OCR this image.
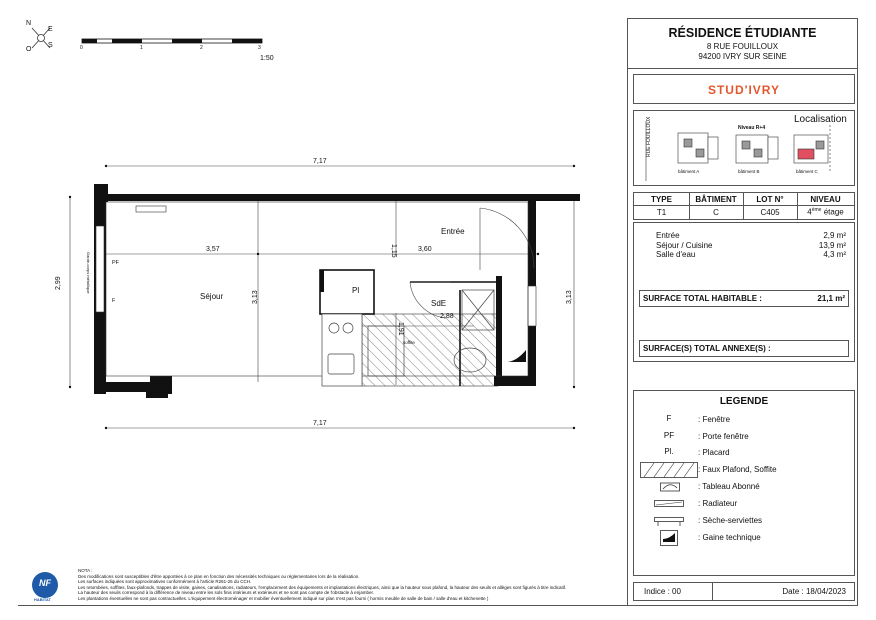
RÉSIDENCE ÉTUDIANTE
8 RUE FOUILLOUX
94200 IVRY SUR SEINE
STUD'IVRY
Localisation
RUE FOUILLOUX	Niveau R+4
bâtiment A	bâtiment B	bâtiment C
TYPE	BÂTIMENT	LOT N°	NIVEAU
T1	C	C405	4ème étage
Entrée	2,9 m²
Séjour / Cuisine	13,9 m²
Salle d'eau	4,3 m²
SURFACE TOTAL HABITABLE :	21,1 m²
SURFACE(S) TOTAL ANNEXE(S) :
LEGENDE
F	: Fenêtre
PF	: Porte fenêtre
Pl.	: Placard
: Faux Plafond, Soffite
: Tableau Abonné
: Radiateur
: Sèche-serviettes
: Gaine technique
Indice : 00	Date : 18/04/2023
N
E
S
O	0	1	2	3
1:50
7,17
7,17
2,99
3,13
3,57	3,60
3,13
1,15
2,88
1,91
Entrée
Séjour
SdE
Pl
PF
F
Garde-corps métallique
soffite
NF
HABITAT
NOTA :
Des modifications sont susceptibles d'être apportées à ce plan en fonction des nécessités techniques ou réglementaires lors de la réalisation.
Les surfaces indiquées sont approximatives conformément à l'article R261-25 du CCH.
Les retombées, soffites, faux-plafonds, trappes de visite, gaines, canalisations, radiateurs, l'emplacement des équipements et implantations électriques, ainsi que la hauteur sous plafond, la hauteur des seuils et allèges sont figurés à titre indicatif.
La hauteur des seuils correspond à la différence de niveau entre les sols finis intérieurs et extérieurs et ne sont pas compte de l'obstacle à enjamber.
Les plantations éventuelles ne sont pas contractuelles. L'équipement électroménager et mobilier éventuellement indiqué sur plan n'est pas fourni ( hormis meuble de salle de bain / salle d'eau et kitchenette )
